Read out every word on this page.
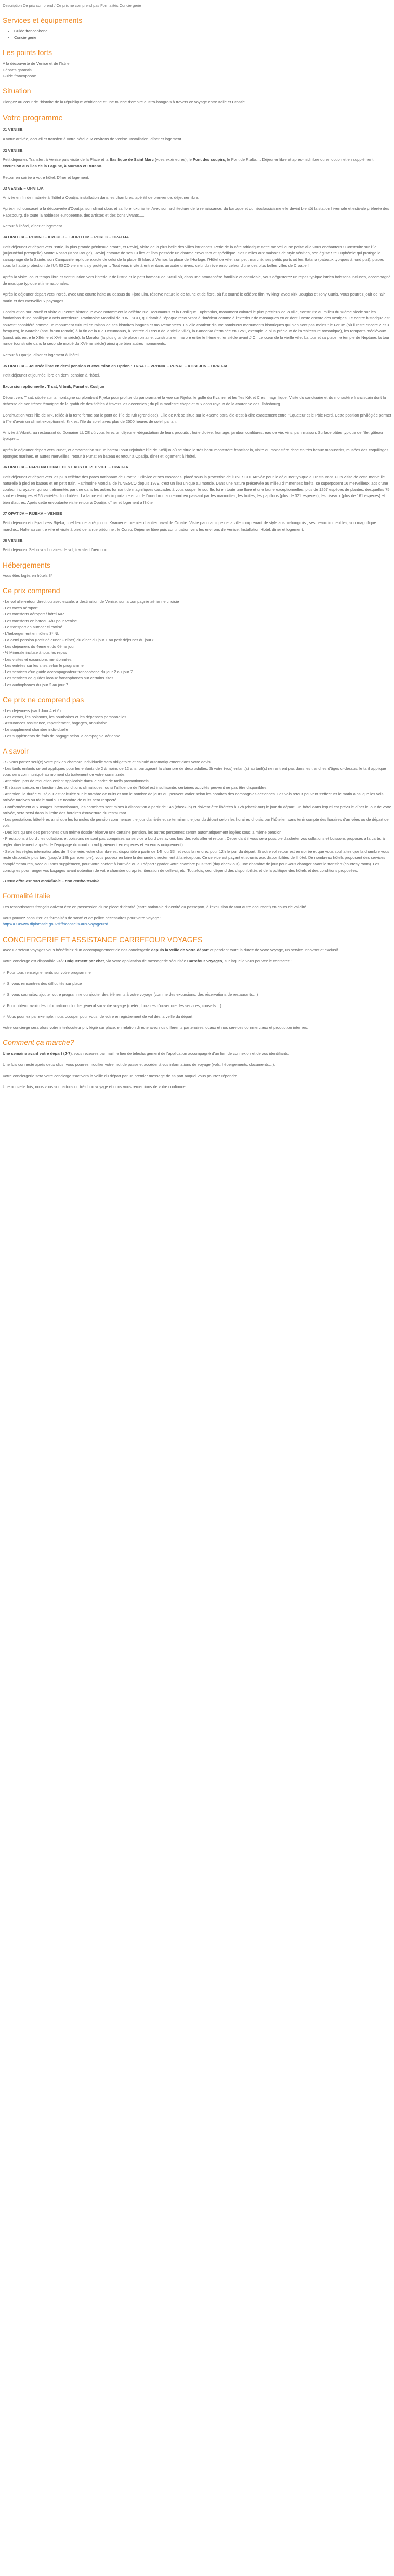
Description Ce prix comprend / Ce prix ne comprend pas Formalités Conciergerie
Services et équipements
• Guide francophone
• Conciergerie
Les points forts
A la découverte de Venise et de l'Istrie
Départs garantis
Guide francophone
Situation

Plongez au cœur de l'histoire de la république vénitienne et une touche d'empire austro-hongrois à travers ce voyage entre Italie et Croatie.

Votre programme

J1 VENISE

A votre arrivée, accueil et transfert à votre hôtel aux environs de Venise. Installation, dîner et logement.

J2 VENISE

Petit déjeuner. Transfert à Venise puis visite de la Place et la Basilique de Saint Marc (vues extérieures), le Pont des soupirs, le Pont de Rialto…. Déjeuner libre et après-midi libre ou en option et en supplément : excursion aux îles de la Lagune, à Murano et Burano.

Retour en soirée à votre hôtel. Dîner et logement.

J3 VENISE – OPATIJA

Arrivée en fin de matinée à l'hôtel à Opatija, installation dans les chambres, apéritif de bienvenue, déjeuner libre.

Après-midi consacré à la découverte d'Opatija, son climat doux et sa flore luxuriante. Avec son architecture de la renaissance, du baroque et du néoclassicisme elle devint bientôt la station hivernale et estivale préférée des Habsbourg, de toute la noblesse européenne, des artistes et des bons vivants.....

Retour à l'hôtel, dîner et logement .

J4 OPATIJA – ROVINJ – KRCULJ – FJORD LIM – POREC – OPATIJA

Petit déjeuner et départ vers l'Istrie, la plus grande péninsule croate, et Rovinj, visite de la plus belle des villes istriennes. Perle de la côte adriatique cette merveilleuse petite ville vous enchantera ! Construite sur l'île (aujourd'hui presqu'île) Monte Rosso (Mont Rouge), Rovinj entoure de ses 13 îles et îlots possède un charme envoutant et spécifique. Ses ruelles aux maisons de style vénitien, son église Ste Euphémie qui protège le sarcophage de la Sainte, son Campanile réplique exacte de celui de la place St Marc à Venise, la place de l'Horloge, l'Hôtel de ville, son petit marché, ses petits ports où les Batana (bateaux typiques à fond plat), places sous la haute protection de l'UNESCO viennent s'y protéger… Tout vous invite à entrer dans un autre univers, celui du rêve ensorceleur d'une des plus belles villes de Croatie !

Après la visite, court temps libre et continuation vers l'intérieur de l'Istrie et le petit hameau de Krculi où, dans une atmosphère familiale et conviviale, vous dégusterez un repas typique istrien boissons incluses, accompagné de musique typique et internationales.

Après le déjeuner départ vers Poreč, avec une courte halte au dessus du Fjord Lim, réserve naturelle de faune et de flore, où fut tourné le célèbre film "Wiking" avec Kirk Douglas et Tony Curtis. Vous pourrez jouir de l'air marin et des merveilleux paysages.

Continuation sur Poreč et visite du centre historique avec notamment la célèbre rue Decumanus et la Basilique Euphrasius, monument culturel le plus précieux de la ville, construite au milieu du VIème siècle sur les fondations d'une basilique à nefs antérieure. Patrimoine Mondial de l'UNESCO, qui datait à l'époque recouvrant à l'intérieur comme à l'extérieur de mosaïques en or dont il reste encore des vestiges. Le centre historique est souvent considéré comme un monument culturel en raison de ses histoires longues et mouvementées. La ville contient d'autre nombreux monuments historiques qui n'en sont pas moins : le Forum (où il reste encore 2 et 3 fresques), le Marafor (anc. forum romain) à la fin de la rue Decumanus, à l'entrée du cœur de la vieille ville), la Kaneerka (terminée en 1251, exemple le plus précieux de l'architecture romanique), les remparts médiévaux (construits entre le XIIème et XVème siècle), la Marafor (la plus grande place romaine, construite en marbre entre le IIème et Ier siècle avant J.C., Le cœur de la vieille ville. La tour et sa place, le temple de Neptune, la tour ronde (construite dans la seconde moitié du XVème siècle) ainsi que bien autres monuments.

Retour à Opatija, dîner et logement à l'hôtel.

J5 OPATIJA – Journée libre en demi pension et excursion en Option : TRSAT – VRBNIK – PUNAT – KOSLJUN – OPATIJA

Petit déjeuner et journée libre en demi pension à l'hôtel,

Excursion optionnelle : Trsat, Vrbnik, Punat et Kosljun

Départ vers Trsat, située sur la montagne surplombant Rijeka pour profiter du panorama et la vue sur Rijeka, le golfe du Kvarner et les îles Krk et Cres, magnifique. Visite du sanctuaire et du monastère franciscain dont la richesse de son trésor témoigne de la gratitude des fidèles à travers les décennies ; du plus modeste chapelet aux dons royaux de la couronne des Habsbourg.

Continuation vers l'île de Krk, reliée à la terre ferme par le pont de l'île de Krk (grandiose). L'île de Krk se situe sur le 45ème parallèle c'est-à-dire exactement entre l'Équateur et le Pôle Nord. Cette position privilégiée permet à l'île d'avoir un climat exceptionnel. Krk est l'île du soleil avec plus de 2500 heures de soleil par an.

Arrivée à Vrbnik, au restaurant du Domaine LUCE où vous ferez un déjeuner-dégustation de leurs produits : huile d'olive, fromage, jambon confitures, eau de vie, vins, pain maison. Surface pâtes typique de l'île, gâteau typique…

Après le déjeuner départ vers Punat, et embarcation sur un bateau pour rejoindre l'île de Košljun où se situe le très beau monastère franciscain, visite du monastère riche en très beaux manuscrits, musées des coquillages, éponges marines, et autres merveilles, retour à Punat en bateau et retour à Opatija, dîner et logement à l'hôtel.

J6 OPATIJA – PARC NATIONAL DES LACS DE PLITVICE – OPATIJA

Petit déjeuner et départ vers les plus célèbre des parcs nationaux de Croatie : Plitvice et ses cascades, placé sous la protection de l'UNESCO. Arrivée pour le déjeuner typique au restaurant. Puis visite de cette merveille naturelle à pied en bateau et en petit train. Patrimoine Mondial de l'UNESCO depuis 1979, c'est un lieu unique au monde. Dans une nature préservée au milieu d'immenses forêts, se superposent 16 merveilleux lacs d'une couleur incroyable, qui sont alimentés par une dans les autres formant de magnifiques cascades à vous couper le souffle. Ici en toute une flore et une faune exceptionnelles, plus de 1267 espèces de plantes, desquelles 75 sont endémiques et 55 variétés d'orchidées. La faune est très importante et vu de l'ours brun au renard en passant par les marmottes, les truites, les papillons (plus de 321 espèces), les oiseaux (plus de 161 espèces) et bien d'autres. Après cette envoutante visite retour à Opatija, dîner et logement à l'hôtel.

J7 OPATIJA – RIJEKA – VENISE

Petit déjeuner et départ vers Rijeka, chef lieu de la région du Kvarner et premier chantier naval de Croatie. Visite panoramique de la ville comprenant de style austro-hongrois ; ses beaux immeubles, son magnifique marché... Halte au centre ville et visite à pied de la rue piétonne ; le Corso. Déjeuner libre puis continuation vers les environs de Venise. Installation Hotel, dîner et logement.

J8 VENISE

Petit déjeuner. Selon vos horaires de vol, transfert l'aéroport

Hébergements

Vous êtes logés en hôtels 3*

Ce prix comprend
- Le vol aller-retour direct ou avec escale, à destination de Venise, sur la compagnie aérienne choisie
- Les taxes aéroport
- Les transferts aéroport / hôtel A/R
- Les transferts en bateau A/R pour Venise
- Le transport en autocar climatisé
- L'hébergement en hôtels 3* NL
- La demi pension (Petit déjeuner + dîner) du dîner du jour 1 au petit déjeuner du jour 8
- Les déjeuners du 4ème et du 6ème jour
- ½ Minerale incluse à tous les repas
- Les visites et excursions mentionnées
- Les entrées sur les sites selon le programme
- Les services d'un guide accompagnateur francophone du jour 2 au jour 7
- Les services de guides locaux francophones sur certains sites
- Les audiophones du jour 2 au jour 7
Ce prix ne comprend pas
- Les déjeuners (sauf Jour 4 et 6)
- Les extras, les boissons, les pourboires et les dépenses personnelles
- Assurances assistance, rapatriement, bagages, annulation
- Le supplément chambre individuelle
- Les suppléments de frais de bagage selon la compagnie aérienne
A savoir
- Si vous partez seul(e) votre prix en chambre individuelle sera obligatoire et calculé automatiquement dans votre devis.
- Les tarifs enfants seront appliqués pour les enfants de 2 à moins de 12 ans, partageant la chambre de deux adultes. Si votre (vos) enfant(s) au tarif(s) ne rentrent pas dans les tranches d'âges ci-dessus, le tarif appliqué vous sera communiqué au moment du traitement de votre commande.
- Attention, pas de réduction enfant applicable dans le cadre de tarifs promotionnels.
- En basse saison, en fonction des conditions climatiques, ou si l'affluence de l'hôtel est insuffisante, certaines activités peuvent ne pas être disponibles.
- Attention, la durée du séjour est calculée sur le nombre de nuits et non le nombre de jours qui peuvent varier selon les horaires des compagnies aériennes. Les vols retour peuvent s'effectuer le matin ainsi que les vols arrivée tardives ou tôt le matin. Le nombre de nuits sera respecté.
- Conformément aux usages internationaux, les chambres sont mises à disposition à partir de 14h (check-in) et doivent être libérées à 12h (check-out) le jour du départ. Un hôtel dans lequel est prévu le dîner le jour de votre arrivée, sera servi dans la limite des horaires d'ouverture du restaurant.
- Les prestations hôtelières ainsi que les formules de pension commencent le jour d'arrivée et se terminent le jour du départ selon les horaires choisis par l'hôtelier, sans tenir compte des horaires d'arrivées ou de départ de vols.
- Des lors qu'une des personnes d'un même dossier réserve une certaine pension, les autres personnes seront automatiquement logées sous la même pension.
- Prestations à bord : les collations et boissons ne sont pas comprises au service à bord des avions lors des vols aller et retour ; Cependant il vous sera possible d'acheter vos collations et boissons proposés à la carte, à régler directement auprès de l'équipage du court du vol (paiement en espèces et en euros uniquement).
- Selon les règles internationales de l'hôtellerie, votre chambre est disponible à partir de 14h ou 15h et vous la rendrez pour 12h le jour du départ. Si votre vol retour est en soirée et que vous souhaitez que la chambre vous reste disponible plus tard (jusqu'à 18h par exemple), vous pouvez en faire la demande directement à la réception. Ce service est payant et soumis aux disponibilités de l'hôtel. De nombreux hôtels proposent des services complémentaires, avec ou sans supplément, pour votre confort à l'arrivée ou au départ : garder votre chambre plus tard (day check out), une chambre de jour pour vous changer avant le transfert (courtesy room). Les consignes pour ranger vos bagages avant obtention de votre chambre ou après libération de celle-ci, etc. Toutefois, ceci dépend des disponibilités et de la politique des hôtels et des conditions proposées.
- Cette offre est non modifiable – non remboursable
Formalité Italie

Les ressortissants français doivent être en possession d'une pièce d'identité (carte nationale d'identité ou passeport, à l'exclusion de tout autre document) en cours de validité.

Vous pouvez consulter les formalités de santé et de police nécessaires pour votre voyage :

http://XXXwww.diplomatie.gouv.fr/fr/conseils-aux-voyageurs/

CONCIERGERIE ET ASSISTANCE CARREFOUR VOYAGES

Avec Carrefour Voyages vous bénéficiez d'un accompagnement de nos conciergerie depuis la veille de votre départ et pendant toute la durée de votre voyage, un service innovant et exclusif.

Votre concierge est disponible 24/7 uniquement par chat, via votre application de messagerie sécurisée Carrefour Voyages, sur laquelle vous pouvez le contacter :

✓ Pour tous renseignements sur votre programme

✓ Si vous rencontrez des difficultés sur place

✓ Si vous souhaitez ajouter votre programme ou ajouter des éléments à votre voyage (comme des excursions, des réservations de restaurants…)

✓ Pour obtenir avoir des informations d'ordre général sur votre voyage (météo, horaires d'ouverture des services, conseils…)

✓ Vous pourrez par exemple, nous occuper pour vous, de votre enregistrement de vol dès la veille du départ

Votre concierge sera alors votre interlocuteur privilégié sur place, en relation directe avec nos différents partenaires locaux et nos services commerciaux et production internes.

Comment ça marche?

Une semaine avant votre départ (J-7), vous recevrez par mail, le lien de téléchargement de l'application accompagné d'un lien de connexion et de vos identifiants.

Une fois connecté après deux clics, vous pourrez modifier votre mot de passe et accéder à vos informations de voyage (vols, hébergements, documents…).

Votre conciergerie sera votre concierge s'activera la veille du départ par un premier message de sa part auquel vous pourrez répondre.

Une nouvelle fois, nous vous souhaitons un très bon voyage et nous vous remercions de votre confiance.
